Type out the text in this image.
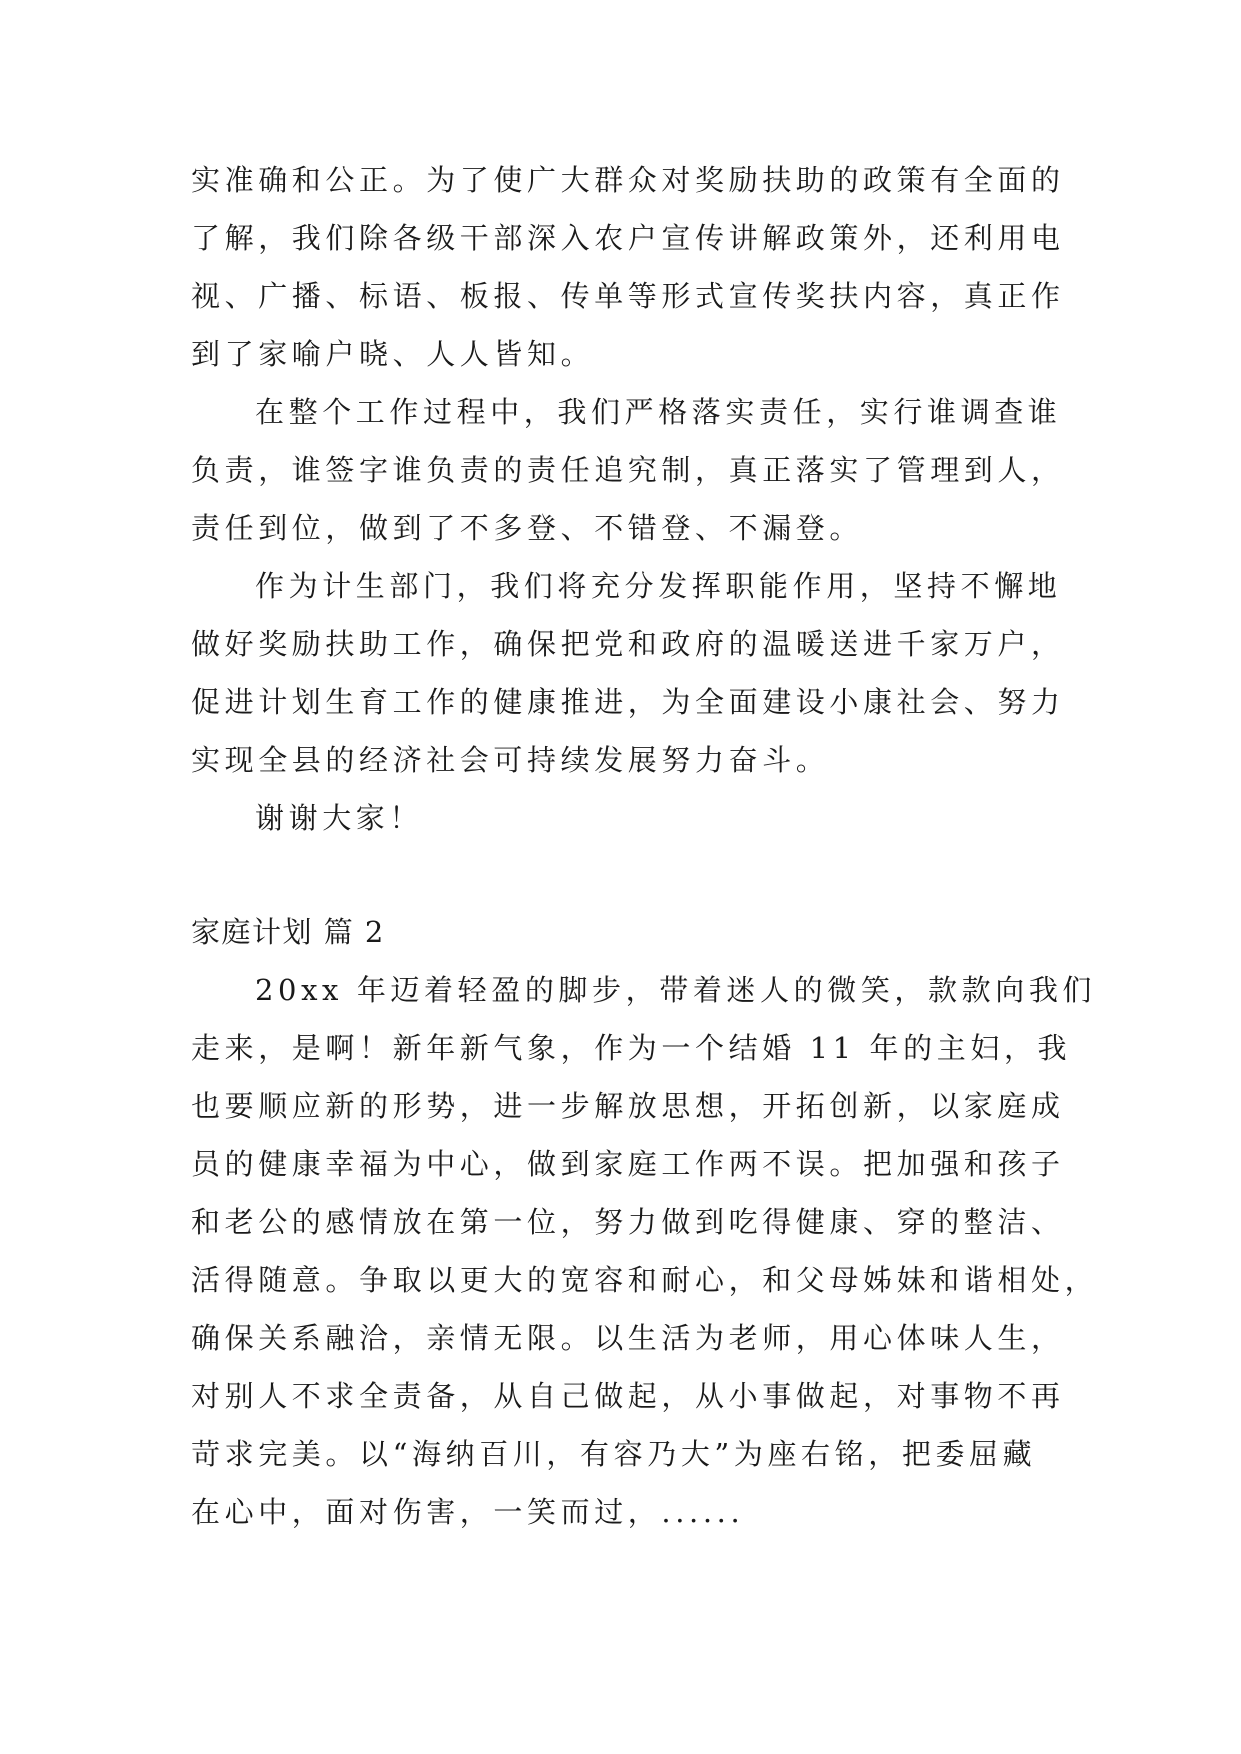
实准确和公正。为了使广大群众对奖励扶助的政策有全面的
了解，我们除各级干部深入农户宣传讲解政策外，还利用电
视、广播、标语、板报、传单等形式宣传奖扶内容，真正作
到了家喻户晓、人人皆知。
在整个工作过程中，我们严格落实责任，实行谁调查谁
负责，谁签字谁负责的责任追究制，真正落实了管理到人，
责任到位，做到了不多登、不错登、不漏登。
作为计生部门，我们将充分发挥职能作用，坚持不懈地
做好奖励扶助工作，确保把党和政府的温暖送进千家万户，
促进计划生育工作的健康推进，为全面建设小康社会、努力
实现全县的经济社会可持续发展努力奋斗。
谢谢大家！
家庭计划 篇 2
20xx 年迈着轻盈的脚步，带着迷人的微笑，款款向我们
走来，是啊！新年新气象，作为一个结婚 11 年的主妇，我
也要顺应新的形势，进一步解放思想，开拓创新，以家庭成
员的健康幸福为中心，做到家庭工作两不误。把加强和孩子
和老公的感情放在第一位，努力做到吃得健康、穿的整洁、
活得随意。争取以更大的宽容和耐心，和父母姊妹和谐相处，
确保关系融洽，亲情无限。以生活为老师，用心体味人生，
对别人不求全责备，从自己做起，从小事做起，对事物不再
苛求完美。以“海纳百川，有容乃大”为座右铭，把委屈藏
在心中，面对伤害，一笑而过，......
